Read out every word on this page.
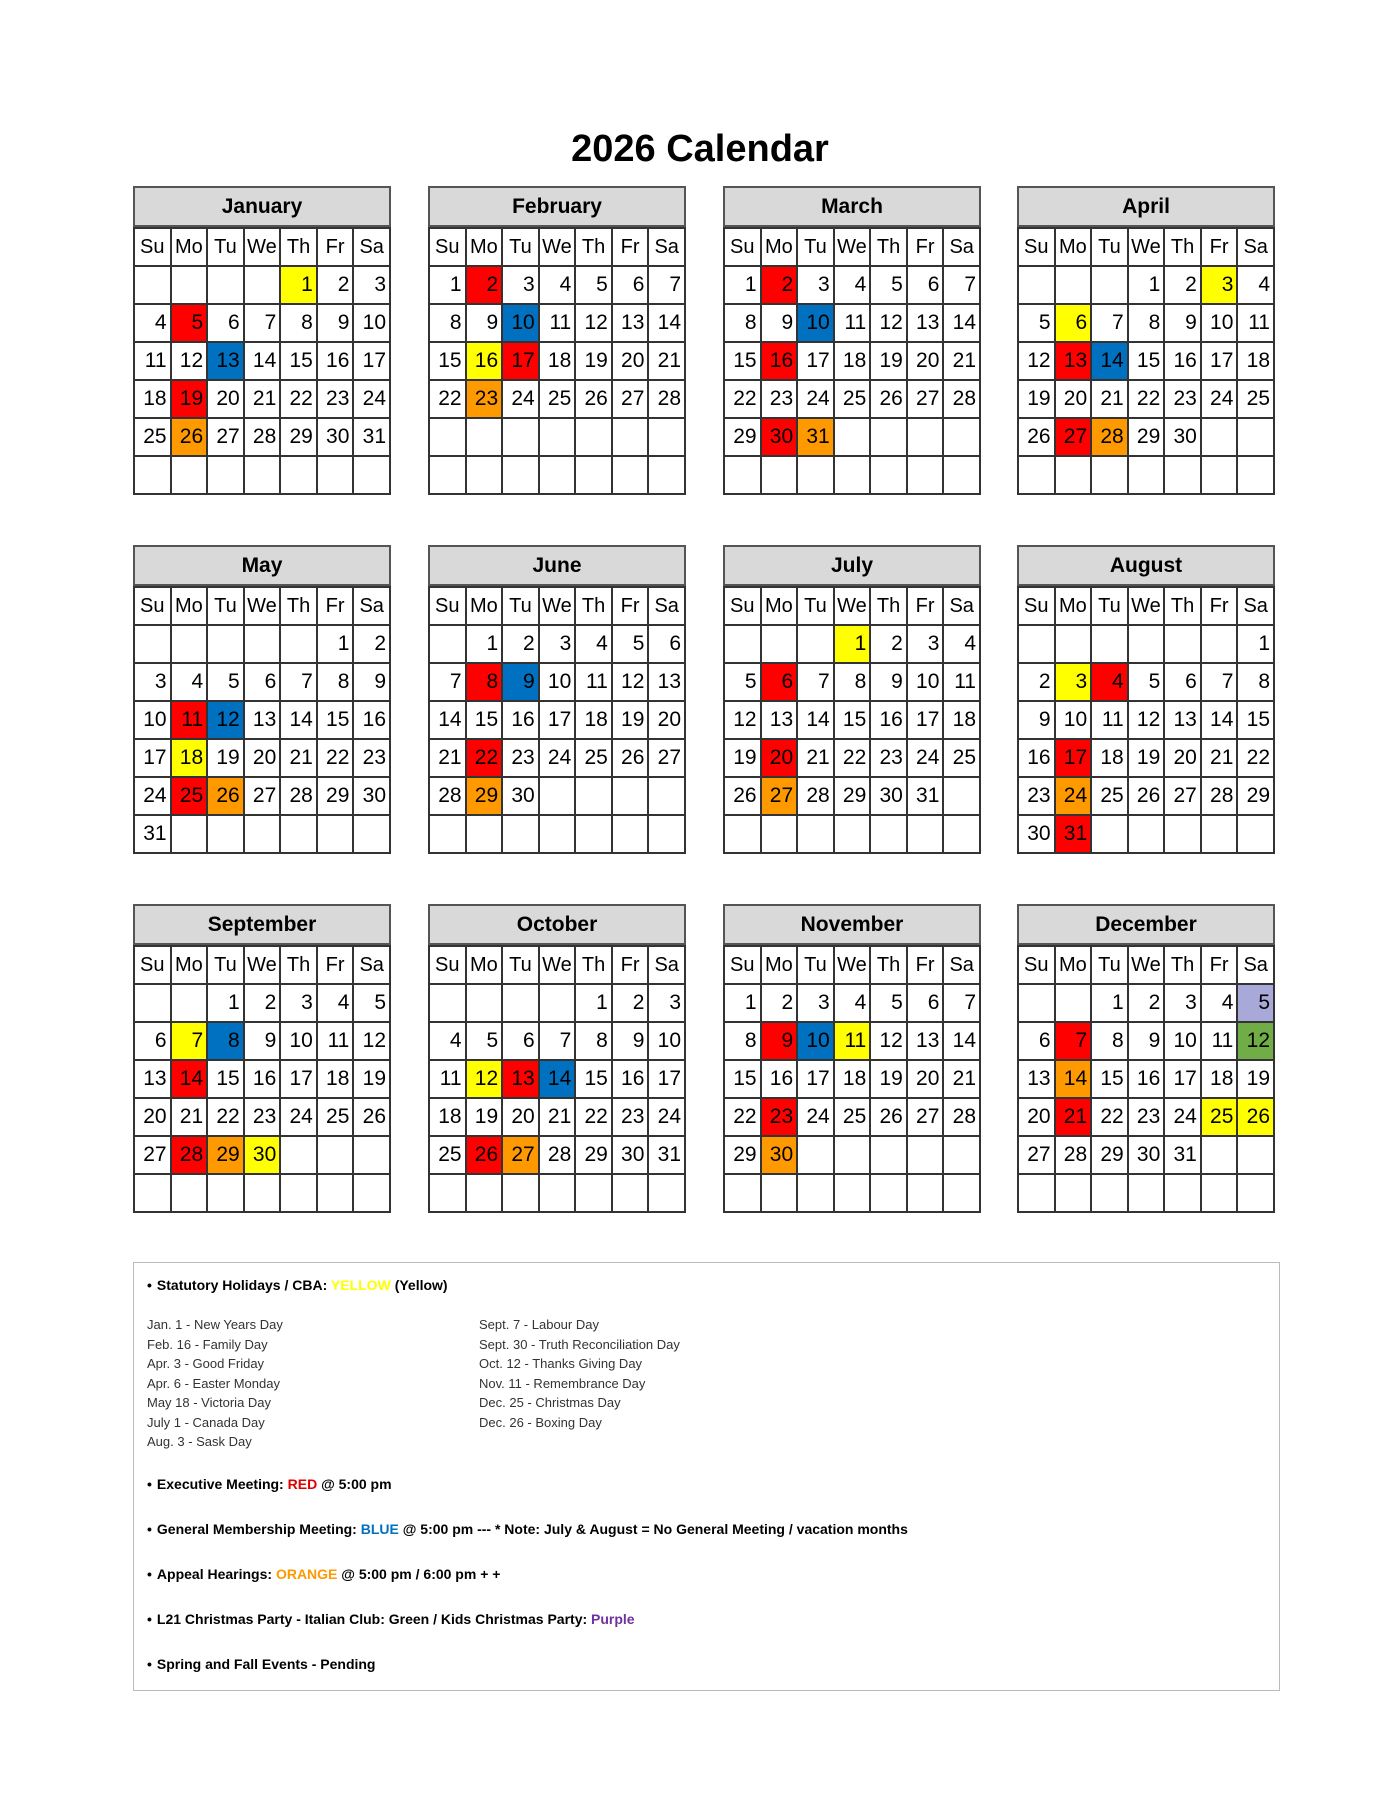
2026 Calendar
January
Su	Mo	Tu	We	Th	Fr	Sa
				1	2	3
4	5	6	7	8	9	10
11	12	13	14	15	16	17
18	19	20	21	22	23	24
25	26	27	28	29	30	31

February
Su	Mo	Tu	We	Th	Fr	Sa
1	2	3	4	5	6	7
8	9	10	11	12	13	14
15	16	17	18	19	20	21
22	23	24	25	26	27	28

March
Su	Mo	Tu	We	Th	Fr	Sa
1	2	3	4	5	6	7
8	9	10	11	12	13	14
15	16	17	18	19	20	21
22	23	24	25	26	27	28
29	30	31				

April
Su	Mo	Tu	We	Th	Fr	Sa
			1	2	3	4
5	6	7	8	9	10	11
12	13	14	15	16	17	18
19	20	21	22	23	24	25
26	27	28	29	30		

May
Su	Mo	Tu	We	Th	Fr	Sa
					1	2
3	4	5	6	7	8	9
10	11	12	13	14	15	16
17	18	19	20	21	22	23
24	25	26	27	28	29	30
31						
June
Su	Mo	Tu	We	Th	Fr	Sa
	1	2	3	4	5	6
7	8	9	10	11	12	13
14	15	16	17	18	19	20
21	22	23	24	25	26	27
28	29	30				

July
Su	Mo	Tu	We	Th	Fr	Sa
			1	2	3	4
5	6	7	8	9	10	11
12	13	14	15	16	17	18
19	20	21	22	23	24	25
26	27	28	29	30	31	

August
Su	Mo	Tu	We	Th	Fr	Sa
						1
2	3	4	5	6	7	8
9	10	11	12	13	14	15
16	17	18	19	20	21	22
23	24	25	26	27	28	29
30	31					
September
Su	Mo	Tu	We	Th	Fr	Sa
		1	2	3	4	5
6	7	8	9	10	11	12
13	14	15	16	17	18	19
20	21	22	23	24	25	26
27	28	29	30			

October
Su	Mo	Tu	We	Th	Fr	Sa
				1	2	3
4	5	6	7	8	9	10
11	12	13	14	15	16	17
18	19	20	21	22	23	24
25	26	27	28	29	30	31

November
Su	Mo	Tu	We	Th	Fr	Sa
1	2	3	4	5	6	7
8	9	10	11	12	13	14
15	16	17	18	19	20	21
22	23	24	25	26	27	28
29	30					

December
Su	Mo	Tu	We	Th	Fr	Sa
		1	2	3	4	5
6	7	8	9	10	11	12
13	14	15	16	17	18	19
20	21	22	23	24	25	26
27	28	29	30	31		

• Statutory Holidays / CBA: YELLOW (Yellow)
Jan. 1 - New Years Day
Feb. 16 - Family Day
Apr. 3 - Good Friday
Apr. 6 - Easter Monday
May 18 - Victoria Day
July 1 - Canada Day
Aug. 3 - Sask Day
Sept. 7 - Labour Day
Sept. 30 - Truth Reconciliation Day
Oct. 12 - Thanks Giving Day
Nov. 11 - Remembrance Day
Dec. 25 - Christmas Day
Dec. 26 - Boxing Day
• Executive Meeting: RED @ 5:00 pm
• General Membership Meeting: BLUE @ 5:00 pm --- * Note: July & August = No General Meeting / vacation months
• Appeal Hearings: ORANGE @ 5:00 pm / 6:00 pm + +
• L21 Christmas Party - Italian Club: Green / Kids Christmas Party: Purple
• Spring and Fall Events - Pending
